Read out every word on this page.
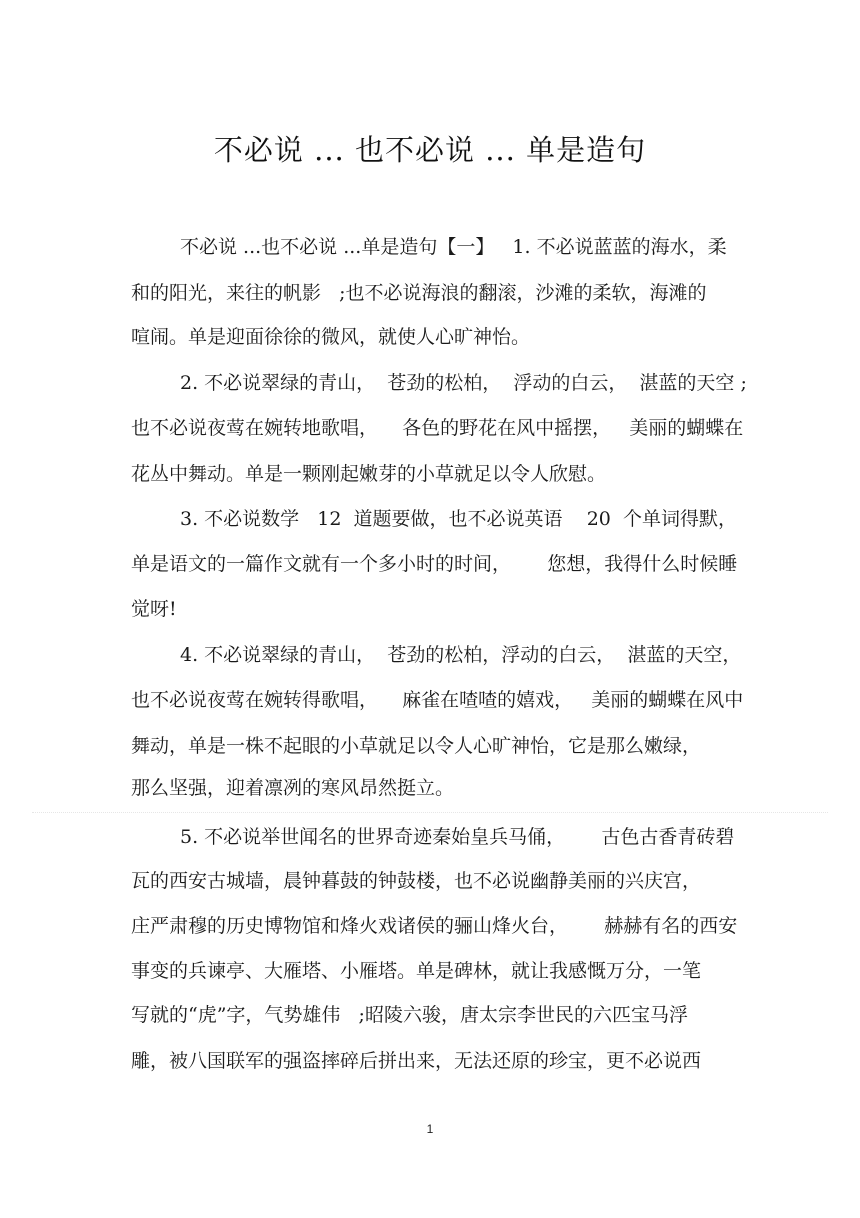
不必说 ... 也不必说 ... 单是造句
不必说 ...也不必说 ...单是造句【一】   1. 不必说蓝蓝的海水，柔
和的阳光，来往的帆影   ;也不必说海浪的翻滚，沙滩的柔软，海滩的
喧闹。单是迎面徐徐的微风，就使人心旷神怡。
2. 不必说翠绿的青山，  苍劲的松柏，  浮动的白云，  湛蓝的天空 ;
也不必说夜莺在婉转地歌唱，    各色的野花在风中摇摆，   美丽的蝴蝶在
花丛中舞动。单是一颗刚起嫩芽的小草就足以令人欣慰。
3. 不必说数学   12  道题要做，也不必说英语    20  个单词得默，
单是语文的一篇作文就有一个多小时的时间，      您想，我得什么时候睡
觉呀!
4. 不必说翠绿的青山，  苍劲的松柏，浮动的白云，  湛蓝的天空，
也不必说夜莺在婉转得歌唱，    麻雀在喳喳的嬉戏，   美丽的蝴蝶在风中
舞动，单是一株不起眼的小草就足以令人心旷神怡，它是那么嫩绿，
那么坚强，迎着凛冽的寒风昂然挺立。
5. 不必说举世闻名的世界奇迹秦始皇兵马俑，      古色古香青砖碧
瓦的西安古城墙，晨钟暮鼓的钟鼓楼，也不必说幽静美丽的兴庆宫，
庄严肃穆的历史博物馆和烽火戏诸侯的骊山烽火台，      赫赫有名的西安
事变的兵谏亭、大雁塔、小雁塔。单是碑林，就让我感慨万分，一笔
写就的“虎”字，气势雄伟   ;昭陵六骏，唐太宗李世民的六匹宝马浮
雕，被八国联军的强盗摔碎后拼出来，无法还原的珍宝，更不必说西
1
